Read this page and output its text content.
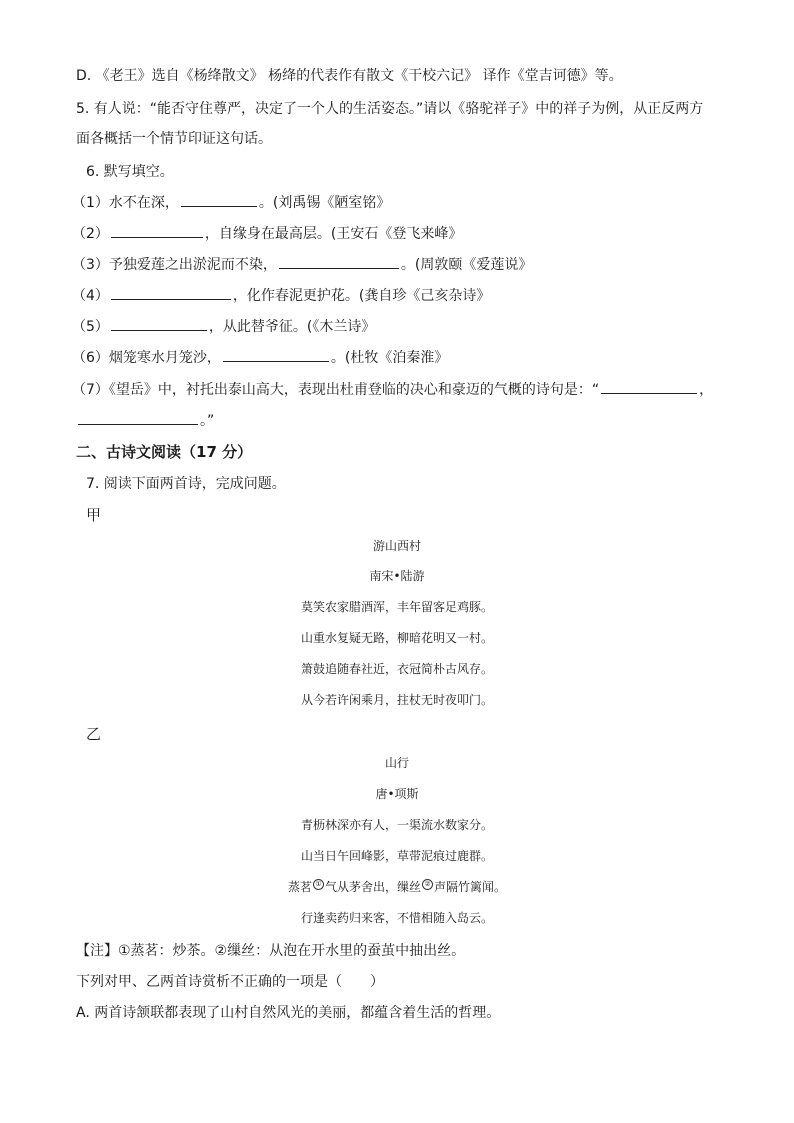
D. 《老王》选自《杨绛散文》 杨绛的代表作有散文《干校六记》 译作《堂吉诃德》等。
5. 有人说：“能否守住尊严，决定了一个人的生活姿态。”请以《骆驼祥子》中的祥子为例，从正反两方
面各概括一个情节印证这句话。
6. 默写填空。
（1）水不在深，	。(刘禹锡《陋室铭》
（2）	，自缘身在最高层。(王安石《登飞来峰》
（3）予独爱莲之出淤泥而不染，	。(周敦颐《爱莲说》
（4）	，化作春泥更护花。(龚自珍《己亥杂诗》
（5）	，从此替爷征。(《木兰诗》
（6）烟笼寒水月笼沙，	。(杜牧《泊秦淮》
（7）《望岳》中，衬托出泰山高大，表现出杜甫登临的决心和豪迈的气概的诗句是：“	，
。”
二、古诗文阅读（17 分）
7. 阅读下面两首诗，完成问题。
甲
游山西村
南宋•陆游
莫笑农家腊酒浑，丰年留客足鸡豚。
山重水复疑无路，柳暗花明又一村。
箫鼓追随春社近，衣冠简朴古风存。
从今若许闲乘月，拄杖无时夜叩门。
乙
山行
唐•项斯
青枥林深亦有人，一渠流水数家分。
山当日午回峰影，草带泥痕过鹿群。
蒸茗 ① 气从茅舍出，缫丝 ② 声隔竹篱闻。
行逢卖药归来客，不惜相随入岛云。
【注】①蒸茗：炒茶。②缫丝：从泡在开水里的蚕茧中抽出丝。
下列对甲、乙两首诗赏析不正确的一项是（　　）
A. 两首诗颔联都表现了山村自然风光的美丽，都蕴含着生活的哲理。
